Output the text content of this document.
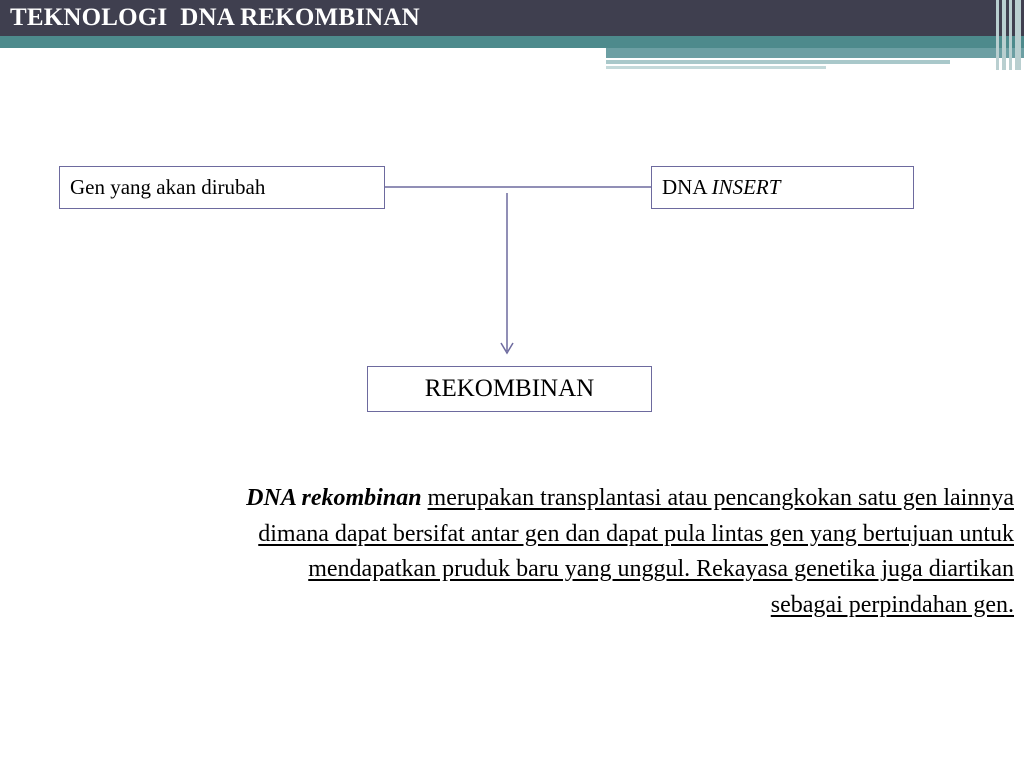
TEKNOLOGI  DNA REKOMBINAN
Gen yang akan dirubah	DNA INSERT
REKOMBINAN

DNA rekombinan merupakan transplantasi atau pencangkokan satu gen lainnya dimana dapat bersifat antar gen dan dapat pula lintas gen yang bertujuan untuk mendapatkan pruduk baru yang unggul. Rekayasa genetika juga diartikan sebagai perpindahan gen.
